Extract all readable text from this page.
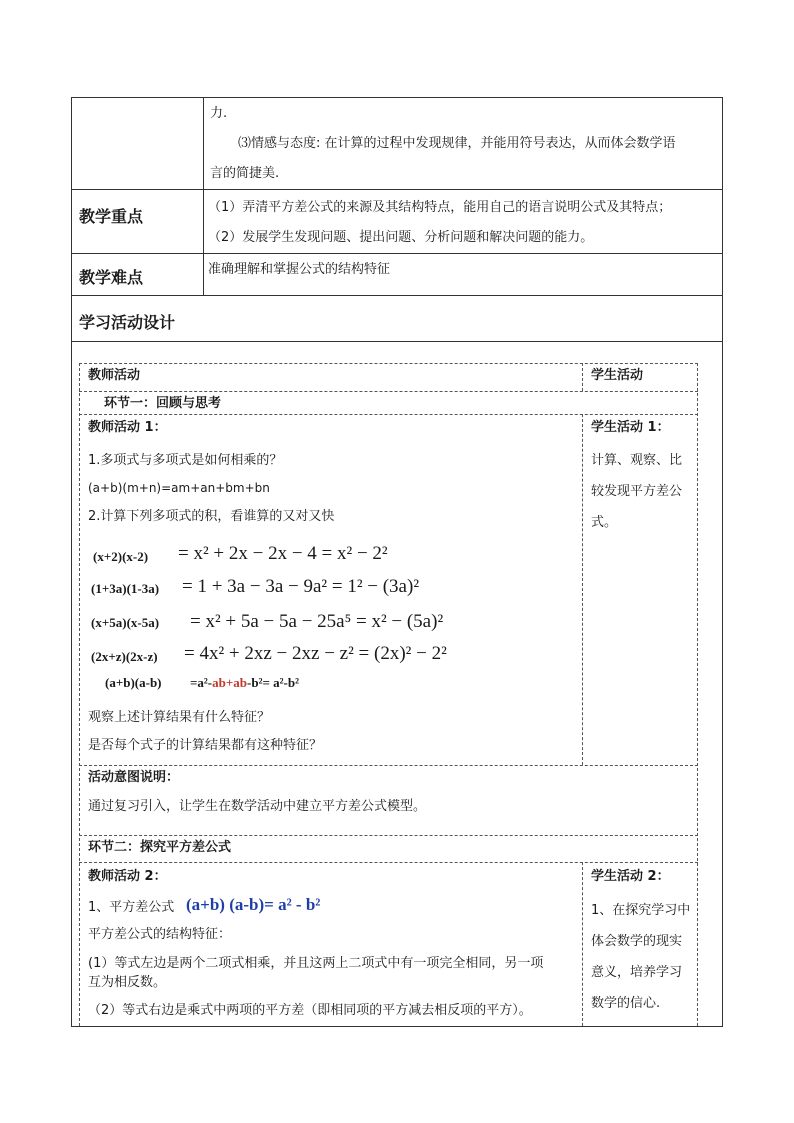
力.
⑶情感与态度: 在计算的过程中发现规律，并能用符号表达，从而体会数学语
言的简捷美.
教学重点	（1）弄清平方差公式的来源及其结构特点，能用自己的语言说明公式及其特点；
（2）发展学生发现问题、提出问题、分析问题和解决问题的能力。
教学难点	准确理解和掌握公式的结构特征
学习活动设计
教师活动	学生活动
环节一：回顾与思考
教师活动 1：
1.多项式与多项式是如何相乘的？
(a+b)(m+n)=am+an+bm+bn
2.计算下列多项式的积，看谁算的又对又快
(x+2)(x-2) = x² + 2x − 2x − 4 = x² − 2²
(1+3a)(1-3a) = 1 + 3a − 3a − 9a² = 1² − (3a)²
(x+5a)(x-5a) = x² + 5a − 5a − 25a⁵ = x² − (5a)²
(2x+z)(2x-z) = 4x² + 2xz − 2xz − z² = (2x)² − 2²
(a+b)(a-b) =a²-ab+ab-b²= a²-b²
观察上述计算结果有什么特征？
是否每个式子的计算结果都有这种特征？
学生活动 1：
计算、观察、比
较发现平方差公
式。
活动意图说明：
通过复习引入，让学生在数学活动中建立平方差公式模型。
环节二：探究平方差公式
教师活动 2：
1、平方差公式 (a+b) (a-b)= a² - b²
平方差公式的结构特征：
(1）等式左边是两个二项式相乘，并且这两上二项式中有一项完全相同，另一项
互为相反数。
（2）等式右边是乘式中两项的平方差（即相同项的平方减去相反项的平方）。
学生活动 2：
1、在探究学习中
体会数学的现实
意义，培养学习
数学的信心.
